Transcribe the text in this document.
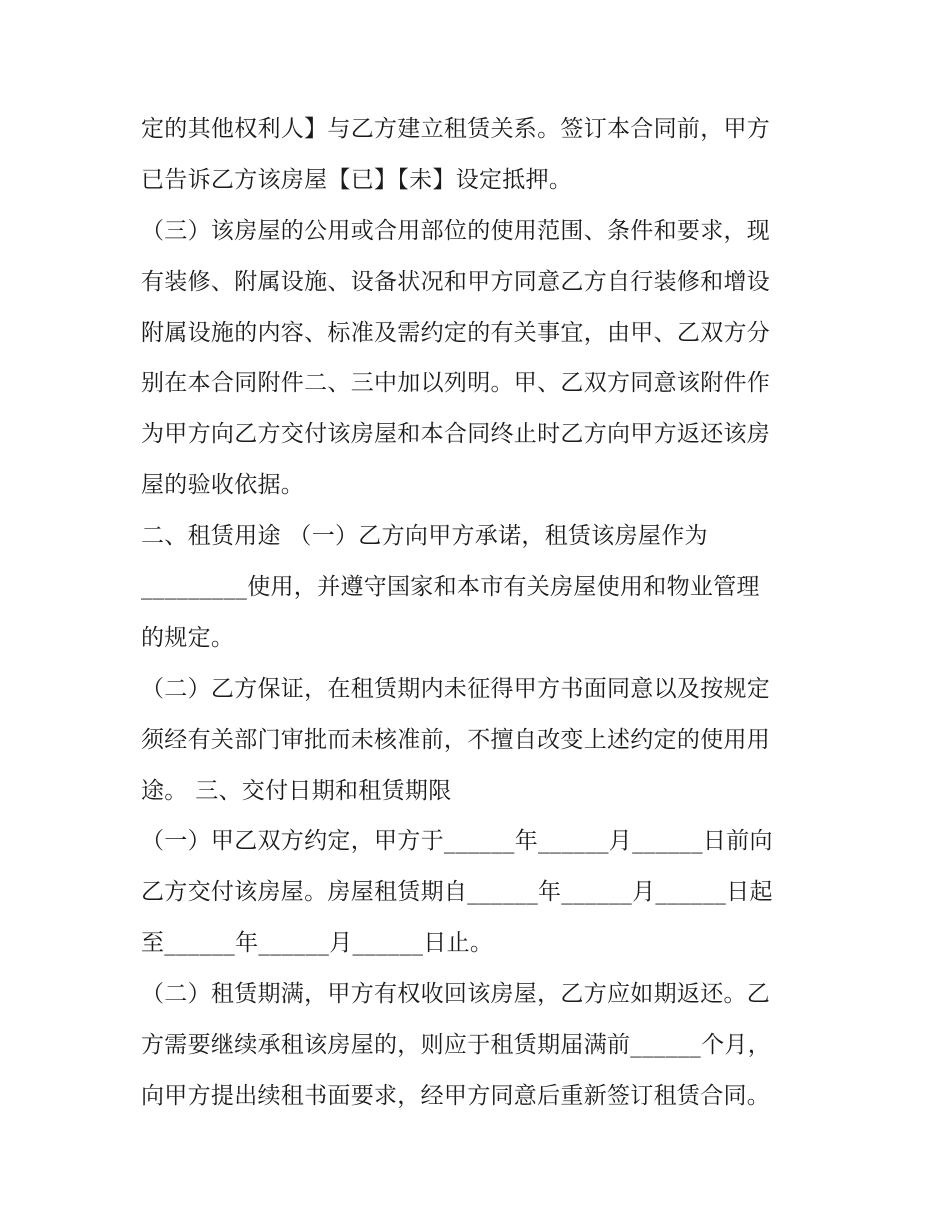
定的其他权利人】与乙方建立租赁关系。签订本合同前，甲方
已告诉乙方该房屋【已】【未】设定抵押。
（三）该房屋的公用或合用部位的使用范围、条件和要求，现
有装修、附属设施、设备状况和甲方同意乙方自行装修和增设
附属设施的内容、标准及需约定的有关事宜，由甲、乙双方分
别在本合同附件二、三中加以列明。甲、乙双方同意该附件作
为甲方向乙方交付该房屋和本合同终止时乙方向甲方返还该房
屋的验收依据。
二、租赁用途 （一）乙方向甲方承诺，租赁该房屋作为
_________使用，并遵守国家和本市有关房屋使用和物业管理
的规定。
（二）乙方保证，在租赁期内未征得甲方书面同意以及按规定
须经有关部门审批而未核准前，不擅自改变上述约定的使用用
途。 三、交付日期和租赁期限
（一）甲乙双方约定，甲方于______年______月______日前向
乙方交付该房屋。房屋租赁期自______年______月______日起
至______年______月______日止。
（二）租赁期满，甲方有权收回该房屋，乙方应如期返还。乙
方需要继续承租该房屋的，则应于租赁期届满前______个月，
向甲方提出续租书面要求，经甲方同意后重新签订租赁合同。
